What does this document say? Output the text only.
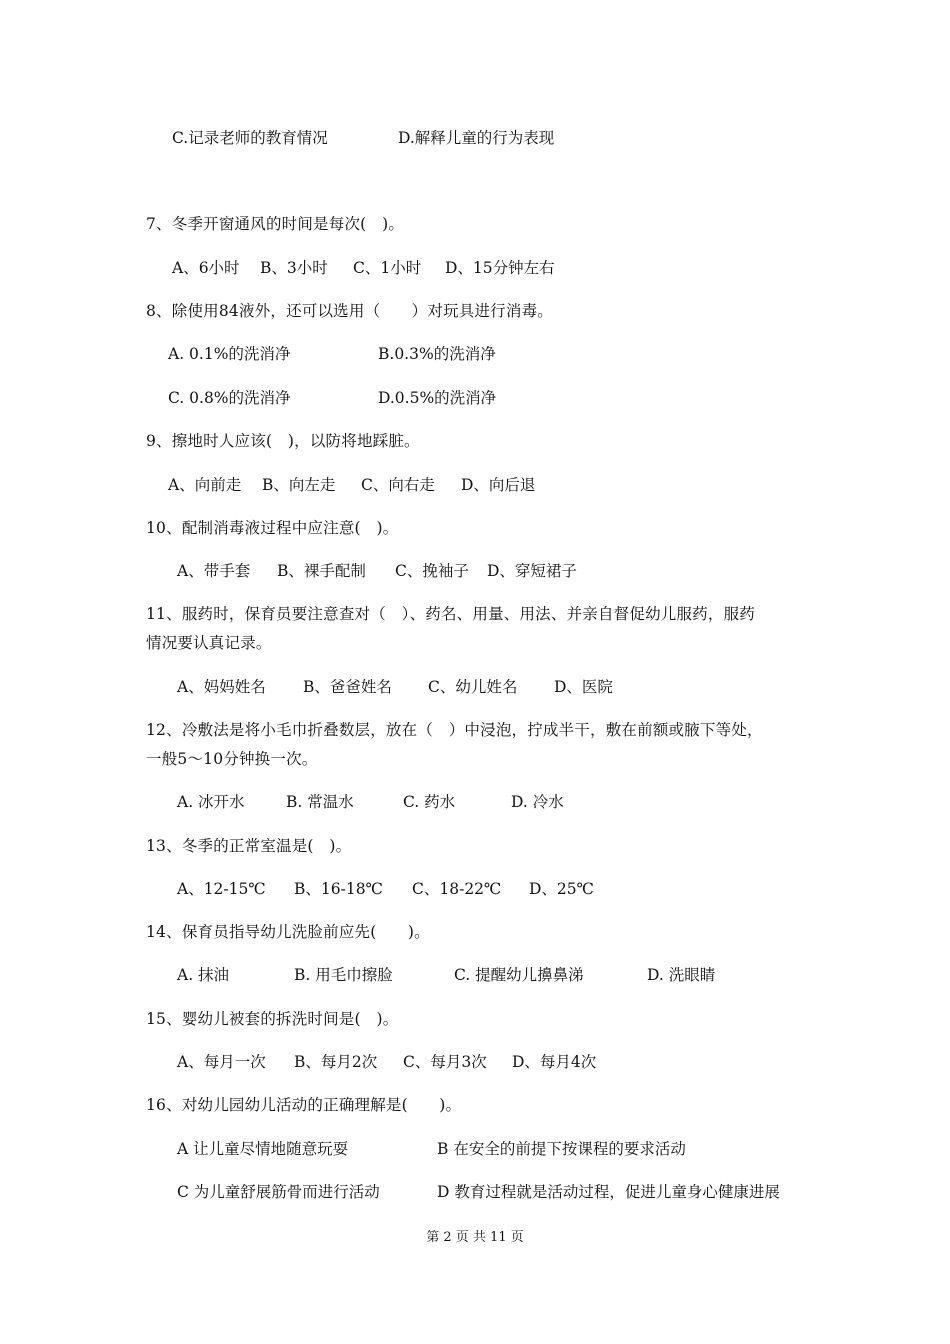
C.记录老师的教育情况	D.解释儿童的行为表现
7、冬季开窗通风的时间是每次(　)。
A、6小时 B、3小时 C、1小时 D、15分钟左右
8、除使用84液外，还可以选用（　　）对玩具进行消毒。
A. 0.1%的洗消净	B.0.3%的洗消净
C. 0.8%的洗消净	D.0.5%的洗消净
9、擦地时人应该(　)，以防将地踩脏。
A、向前走 B、向左走 C、向右走 D、向后退
10、配制消毒液过程中应注意(　)。
A、带手套 B、裸手配制 C、挽袖子 D、穿短裙子
11、服药时，保育员要注意查对（　）、药名、用量、用法、并亲自督促幼儿服药，服药
情况要认真记录。
A、妈妈姓名 B、爸爸姓名 C、幼儿姓名 D、医院
12、冷敷法是将小毛巾折叠数层，放在（　）中浸泡，拧成半干，敷在前额或腋下等处，
一般5～10分钟换一次。
A. 冰开水	B. 常温水	C. 药水	D. 冷水
13、冬季的正常室温是(　)。
A、12-15℃ B、16-18℃ C、18-22℃ D、25℃
14、保育员指导幼儿洗脸前应先(　　)。
A. 抹油	B. 用毛巾擦脸	C. 提醒幼儿擤鼻涕	D. 洗眼睛
15、婴幼儿被套的拆洗时间是(　)。
A、每月一次 B、每月2次 C、每月3次 D、每月4次
16、对幼儿园幼儿活动的正确理解是(　　)。
A 让儿童尽情地随意玩耍	B 在安全的前提下按课程的要求活动
C 为儿童舒展筋骨而进行活动	D 教育过程就是活动过程，促进儿童身心健康进展
第 2 页 共 11 页
